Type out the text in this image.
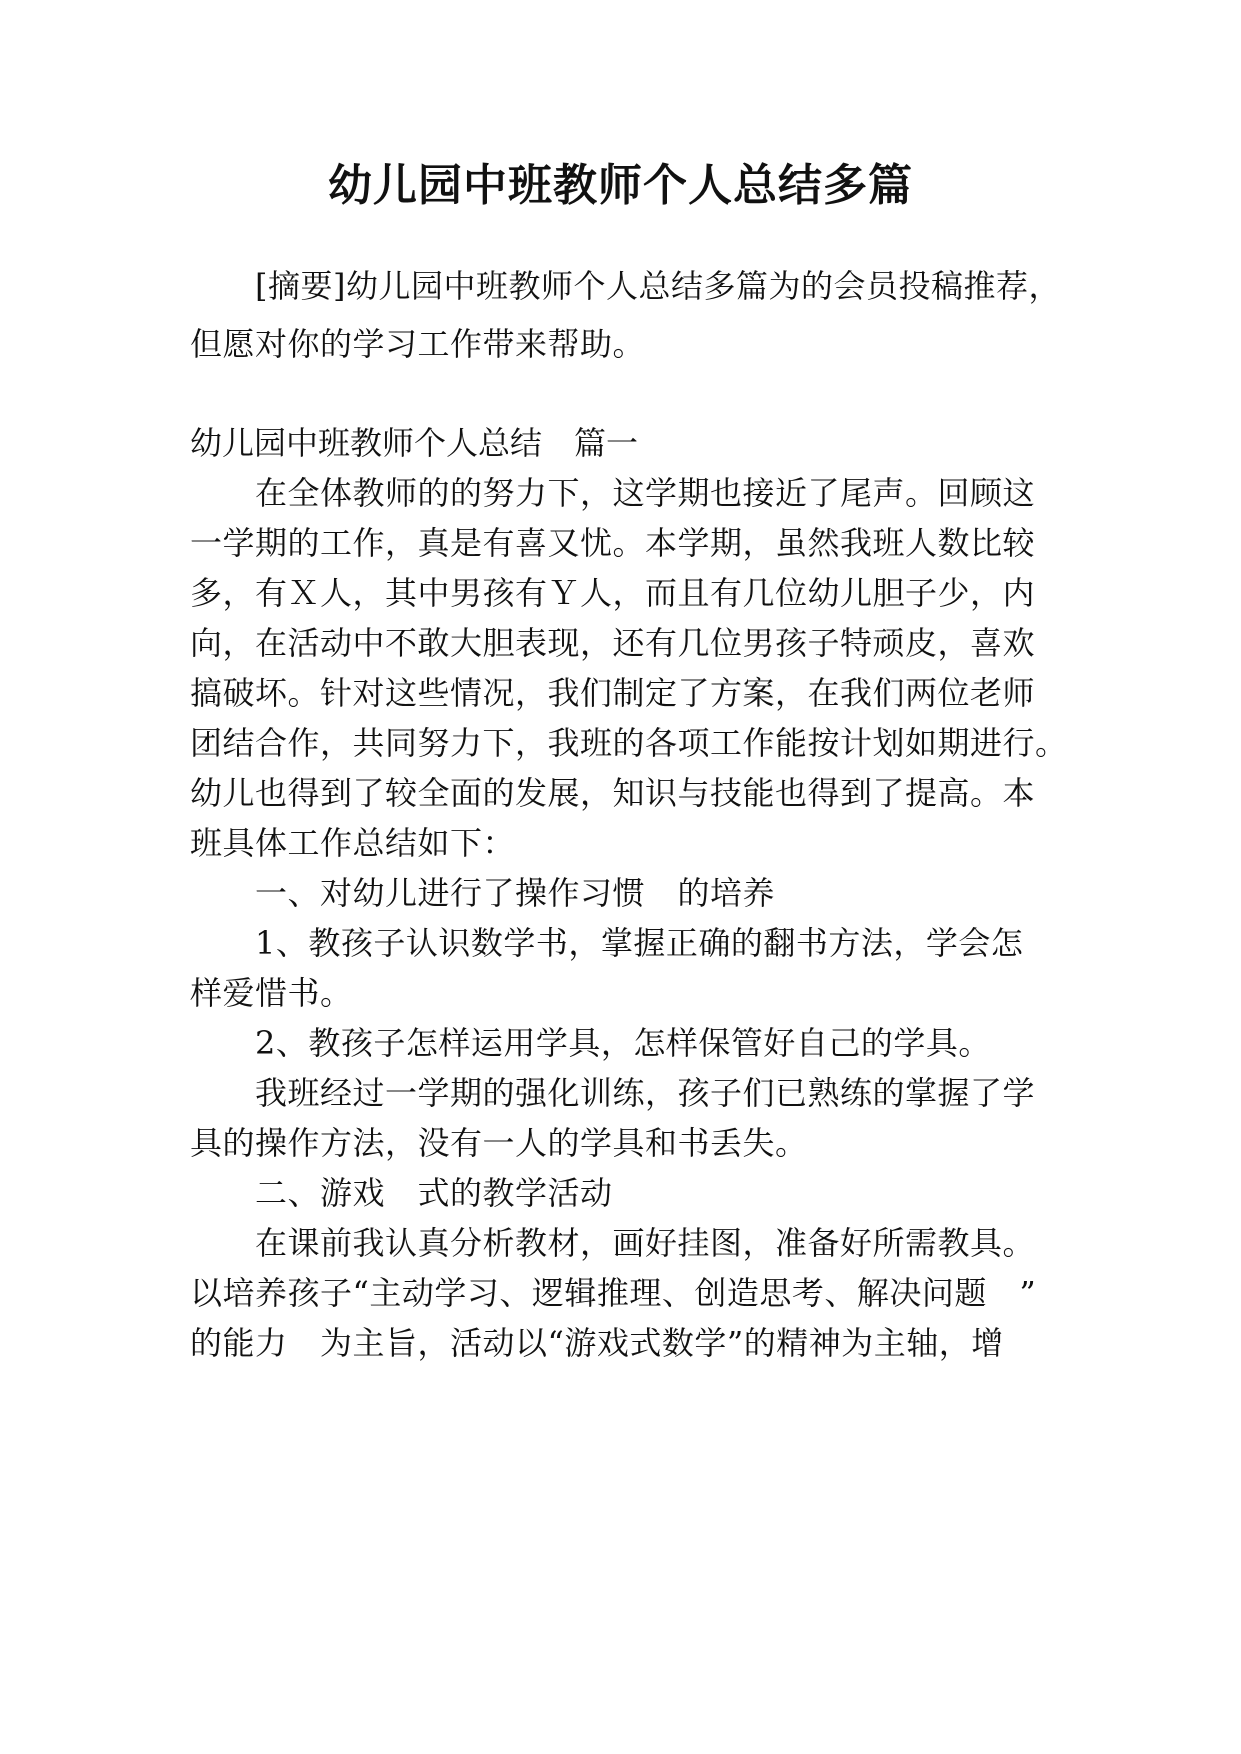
幼儿园中班教师个人总结多篇
[摘要]幼儿园中班教师个人总结多篇为的会员投稿推荐，
但愿对你的学习工作带来帮助。
幼儿园中班教师个人总结　篇一
在全体教师的的努力下，这学期也接近了尾声。回顾这
一学期的工作，真是有喜又忧。本学期，虽然我班人数比较
多，有Ｘ人，其中男孩有Ｙ人，而且有几位幼儿胆子少，内
向，在活动中不敢大胆表现，还有几位男孩子特顽皮，喜欢
搞破坏。针对这些情况，我们制定了方案，在我们两位老师
团结合作，共同努力下，我班的各项工作能按计划如期进行。
幼儿也得到了较全面的发展，知识与技能也得到了提高。本
班具体工作总结如下：
一、对幼儿进行了操作习惯　的培养
1、教孩子认识数学书，掌握正确的翻书方法，学会怎
样爱惜书。
2、教孩子怎样运用学具，怎样保管好自己的学具。
我班经过一学期的强化训练，孩子们已熟练的掌握了学
具的操作方法，没有一人的学具和书丢失。
二、游戏　式的教学活动
在课前我认真分析教材，画好挂图，准备好所需教具。
以培养孩子“主动学习、逻辑推理、创造思考、解决问题　”
的能力　为主旨，活动以“游戏式数学”的精神为主轴，增
